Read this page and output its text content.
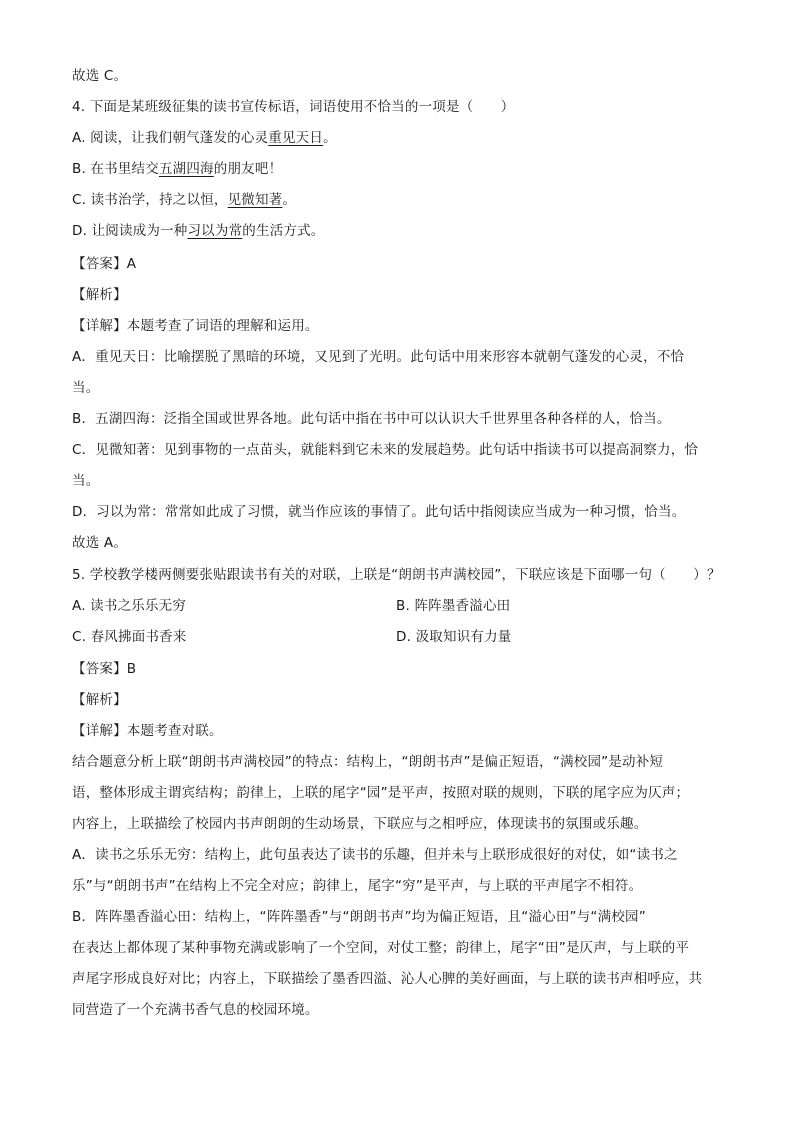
故选 C。
4. 下面是某班级征集的读书宣传标语，词语使用不恰当的一项是（　　）
A. 阅读，让我们朝气蓬发的心灵重见天日。
B. 在书里结交五湖四海的朋友吧！
C. 读书治学，持之以恒，见微知著。
D. 让阅读成为一种习以为常的生活方式。
【答案】A
【解析】
【详解】本题考查了词语的理解和运用。
A．重见天日：比喻摆脱了黑暗的环境，又见到了光明。此句话中用来形容本就朝气蓬发的心灵，不恰
当。
B．五湖四海：泛指全国或世界各地。此句话中指在书中可以认识大千世界里各种各样的人，恰当。
C．见微知著：见到事物的一点苗头，就能料到它未来的发展趋势。此句话中指读书可以提高洞察力，恰
当。
D．习以为常：常常如此成了习惯，就当作应该的事情了。此句话中指阅读应当成为一种习惯，恰当。
故选 A。
5. 学校教学楼两侧要张贴跟读书有关的对联，上联是“朗朗书声满校园”，下联应该是下面哪一句（　　）？
A. 读书之乐乐无穷	B. 阵阵墨香溢心田
C. 春风拂面书香来	D. 汲取知识有力量
【答案】B
【解析】
【详解】本题考查对联。
结合题意分析上联“朗朗书声满校园”的特点：结构上，“朗朗书声”是偏正短语，“满校园”是动补短
语，整体形成主谓宾结构；韵律上，上联的尾字“园”是平声，按照对联的规则，下联的尾字应为仄声；
内容上，上联描绘了校园内书声朗朗的生动场景，下联应与之相呼应，体现读书的氛围或乐趣。
A．读书之乐乐无穷：结构上，此句虽表达了读书的乐趣，但并未与上联形成很好的对仗，如“读书之
乐”与“朗朗书声”在结构上不完全对应；韵律上，尾字“穷”是平声，与上联的平声尾字不相符。
B．阵阵墨香溢心田：结构上，“阵阵墨香”与“朗朗书声”均为偏正短语，且“溢心田”与“满校园”
在表达上都体现了某种事物充满或影响了一个空间，对仗工整；韵律上，尾字“田”是仄声，与上联的平
声尾字形成良好对比；内容上，下联描绘了墨香四溢、沁人心脾的美好画面，与上联的读书声相呼应，共
同营造了一个充满书香气息的校园环境。
